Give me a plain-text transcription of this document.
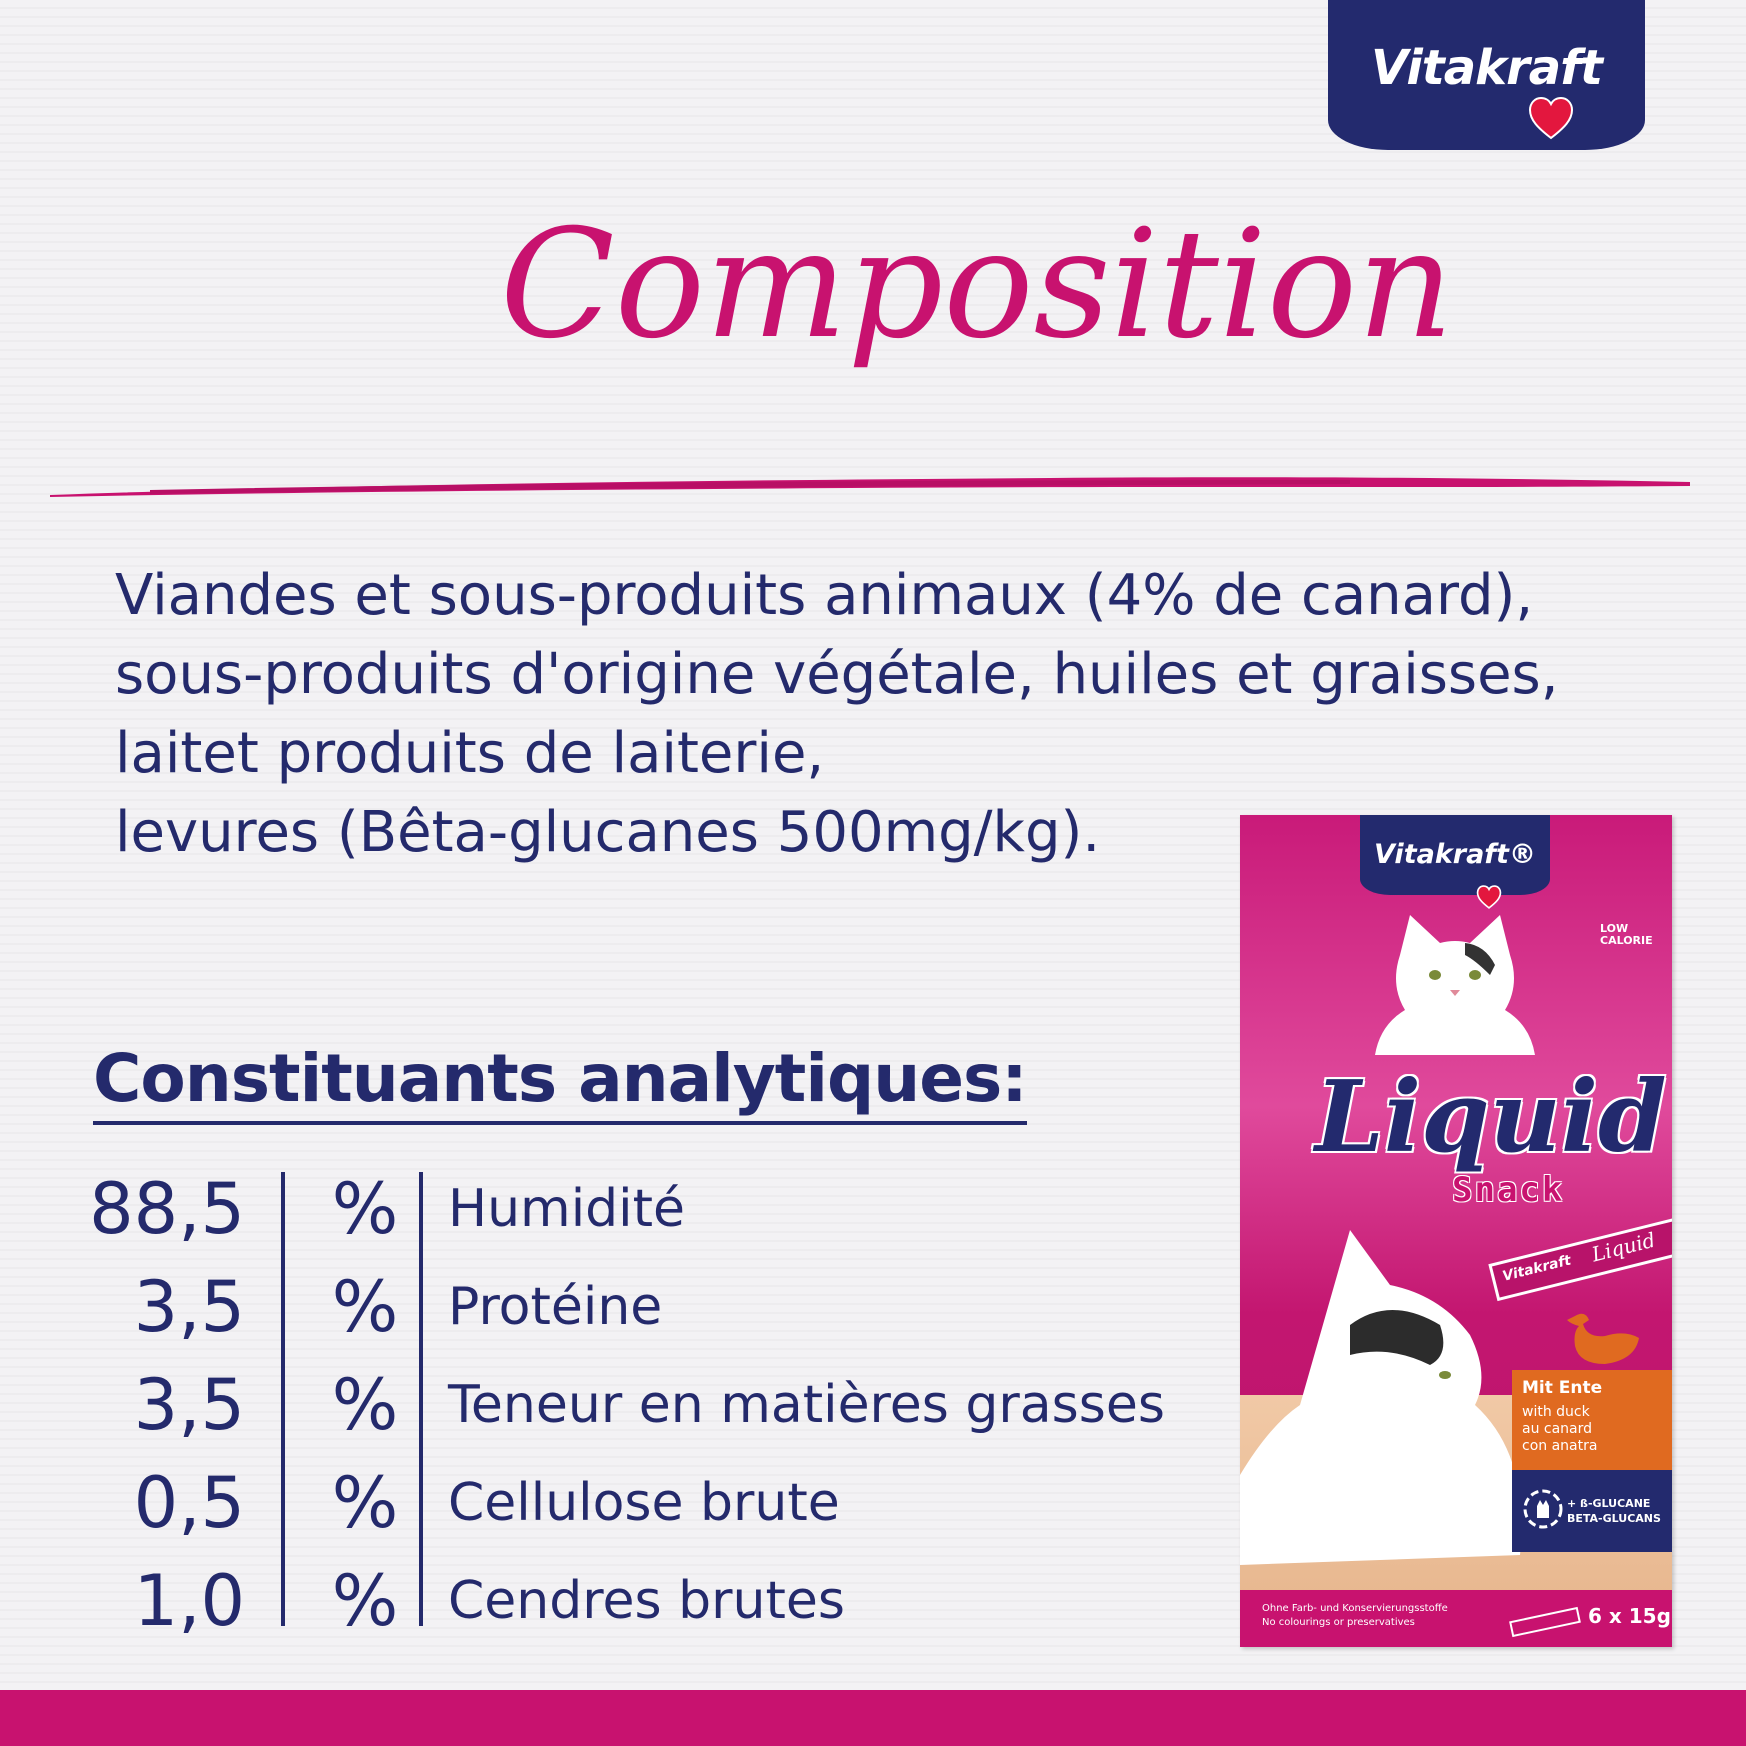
Vitakraft
Composition
Viandes et sous-produits animaux (4% de canard),
sous-produits d'origine végétale, huiles et graisses,
laitet produits de laiterie,
levures (Bêta-glucanes 500mg/kg).
Constituants analytiques:
88,5 % Humidité
3,5 % Protéine
3,5 % Teneur en matières grasses
0,5 % Cellulose brute
1,0 % Cendres brutes
Vitakraft®
LOW
CALORIE
Liquid
Snack
Vitakraft
Liquid
Mit Ente
with duck
au canard
con anatra
+ ß-GLUCANE
BETA-GLUCANS
Ohne Farb- und Konservierungsstoffe
No colourings or preservatives	6 x 15g
